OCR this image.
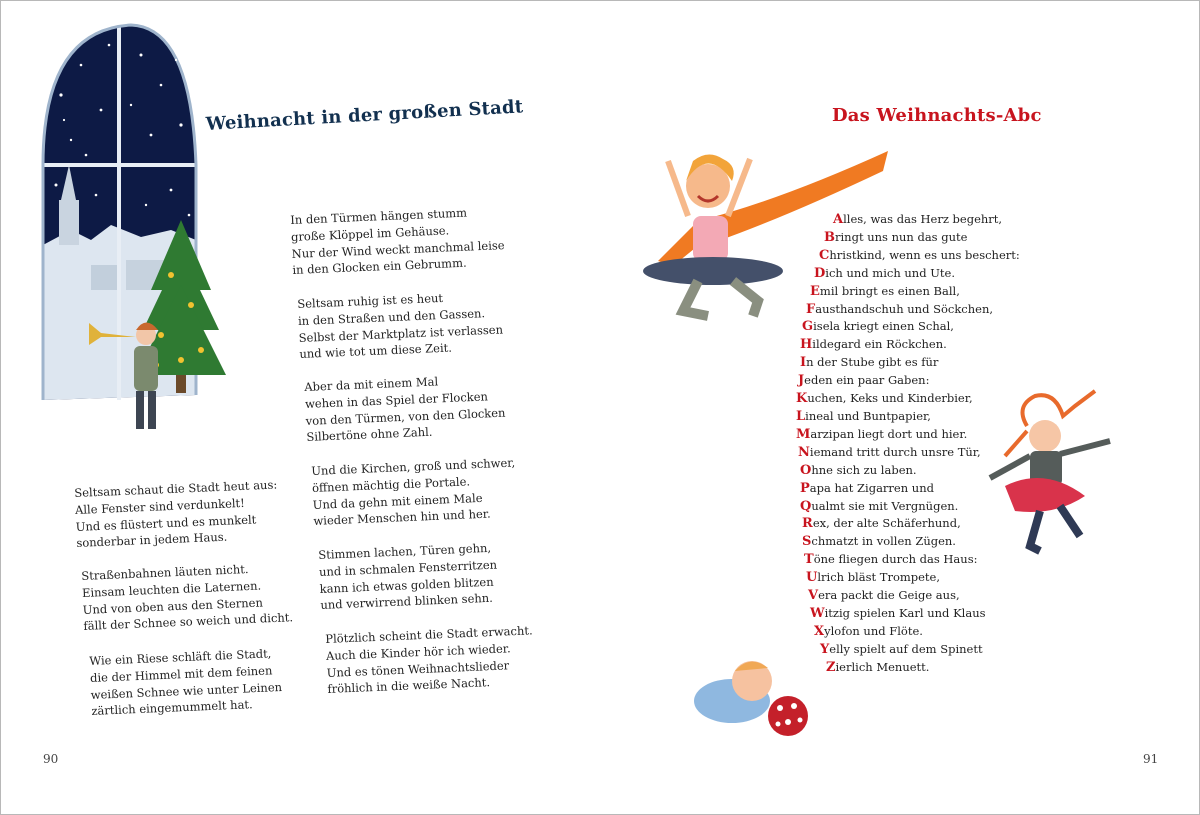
Weihnacht in der großen Stadt
Seltsam schaut die Stadt heut aus:
Alle Fenster sind verdunkelt!
Und es flüstert und es munkelt
sonderbar in jedem Haus.
Straßenbahnen läuten nicht.
Einsam leuchten die Laternen.
Und von oben aus den Sternen
fällt der Schnee so weich und dicht.
Wie ein Riese schläft die Stadt,
die der Himmel mit dem feinen
weißen Schnee wie unter Leinen
zärtlich eingemummelt hat.
In den Türmen hängen stumm
große Klöppel im Gehäuse.
Nur der Wind weckt manchmal leise
in den Glocken ein Gebrumm.
Seltsam ruhig ist es heut
in den Straßen und den Gassen.
Selbst der Marktplatz ist verlassen
und wie tot um diese Zeit.
Aber da mit einem Mal
wehen in das Spiel der Flocken
von den Türmen, von den Glocken
Silbertöne ohne Zahl.
Und die Kirchen, groß und schwer,
öffnen mächtig die Portale.
Und da gehn mit einem Male
wieder Menschen hin und her.
Stimmen lachen, Türen gehn,
und in schmalen Fensterritzen
kann ich etwas golden blitzen
und verwirrend blinken sehn.
Plötzlich scheint die Stadt erwacht.
Auch die Kinder hör ich wieder.
Und es tönen Weihnachtslieder
fröhlich in die weiße Nacht.
90
Das Weihnachts-Abc
Alles, was das Herz begehrt,
Bringt uns nun das gute
Christkind, wenn es uns beschert:
Dich und mich und Ute.
Emil bringt es einen Ball,
Fausthandschuh und Söckchen,
Gisela kriegt einen Schal,
Hildegard ein Röckchen.
In der Stube gibt es für
Jeden ein paar Gaben:
Kuchen, Keks und Kinderbier,
Lineal und Buntpapier,
Marzipan liegt dort und hier.
Niemand tritt durch unsre Tür,
Ohne sich zu laben.
Papa hat Zigarren und
Qualmt sie mit Vergnügen.
Rex, der alte Schäferhund,
Schmatzt in vollen Zügen.
Töne fliegen durch das Haus:
Ulrich bläst Trompete,
Vera packt die Geige aus,
Witzig spielen Karl und Klaus
Xylofon und Flöte.
Yelly spielt auf dem Spinett
Zierlich Menuett.
91
